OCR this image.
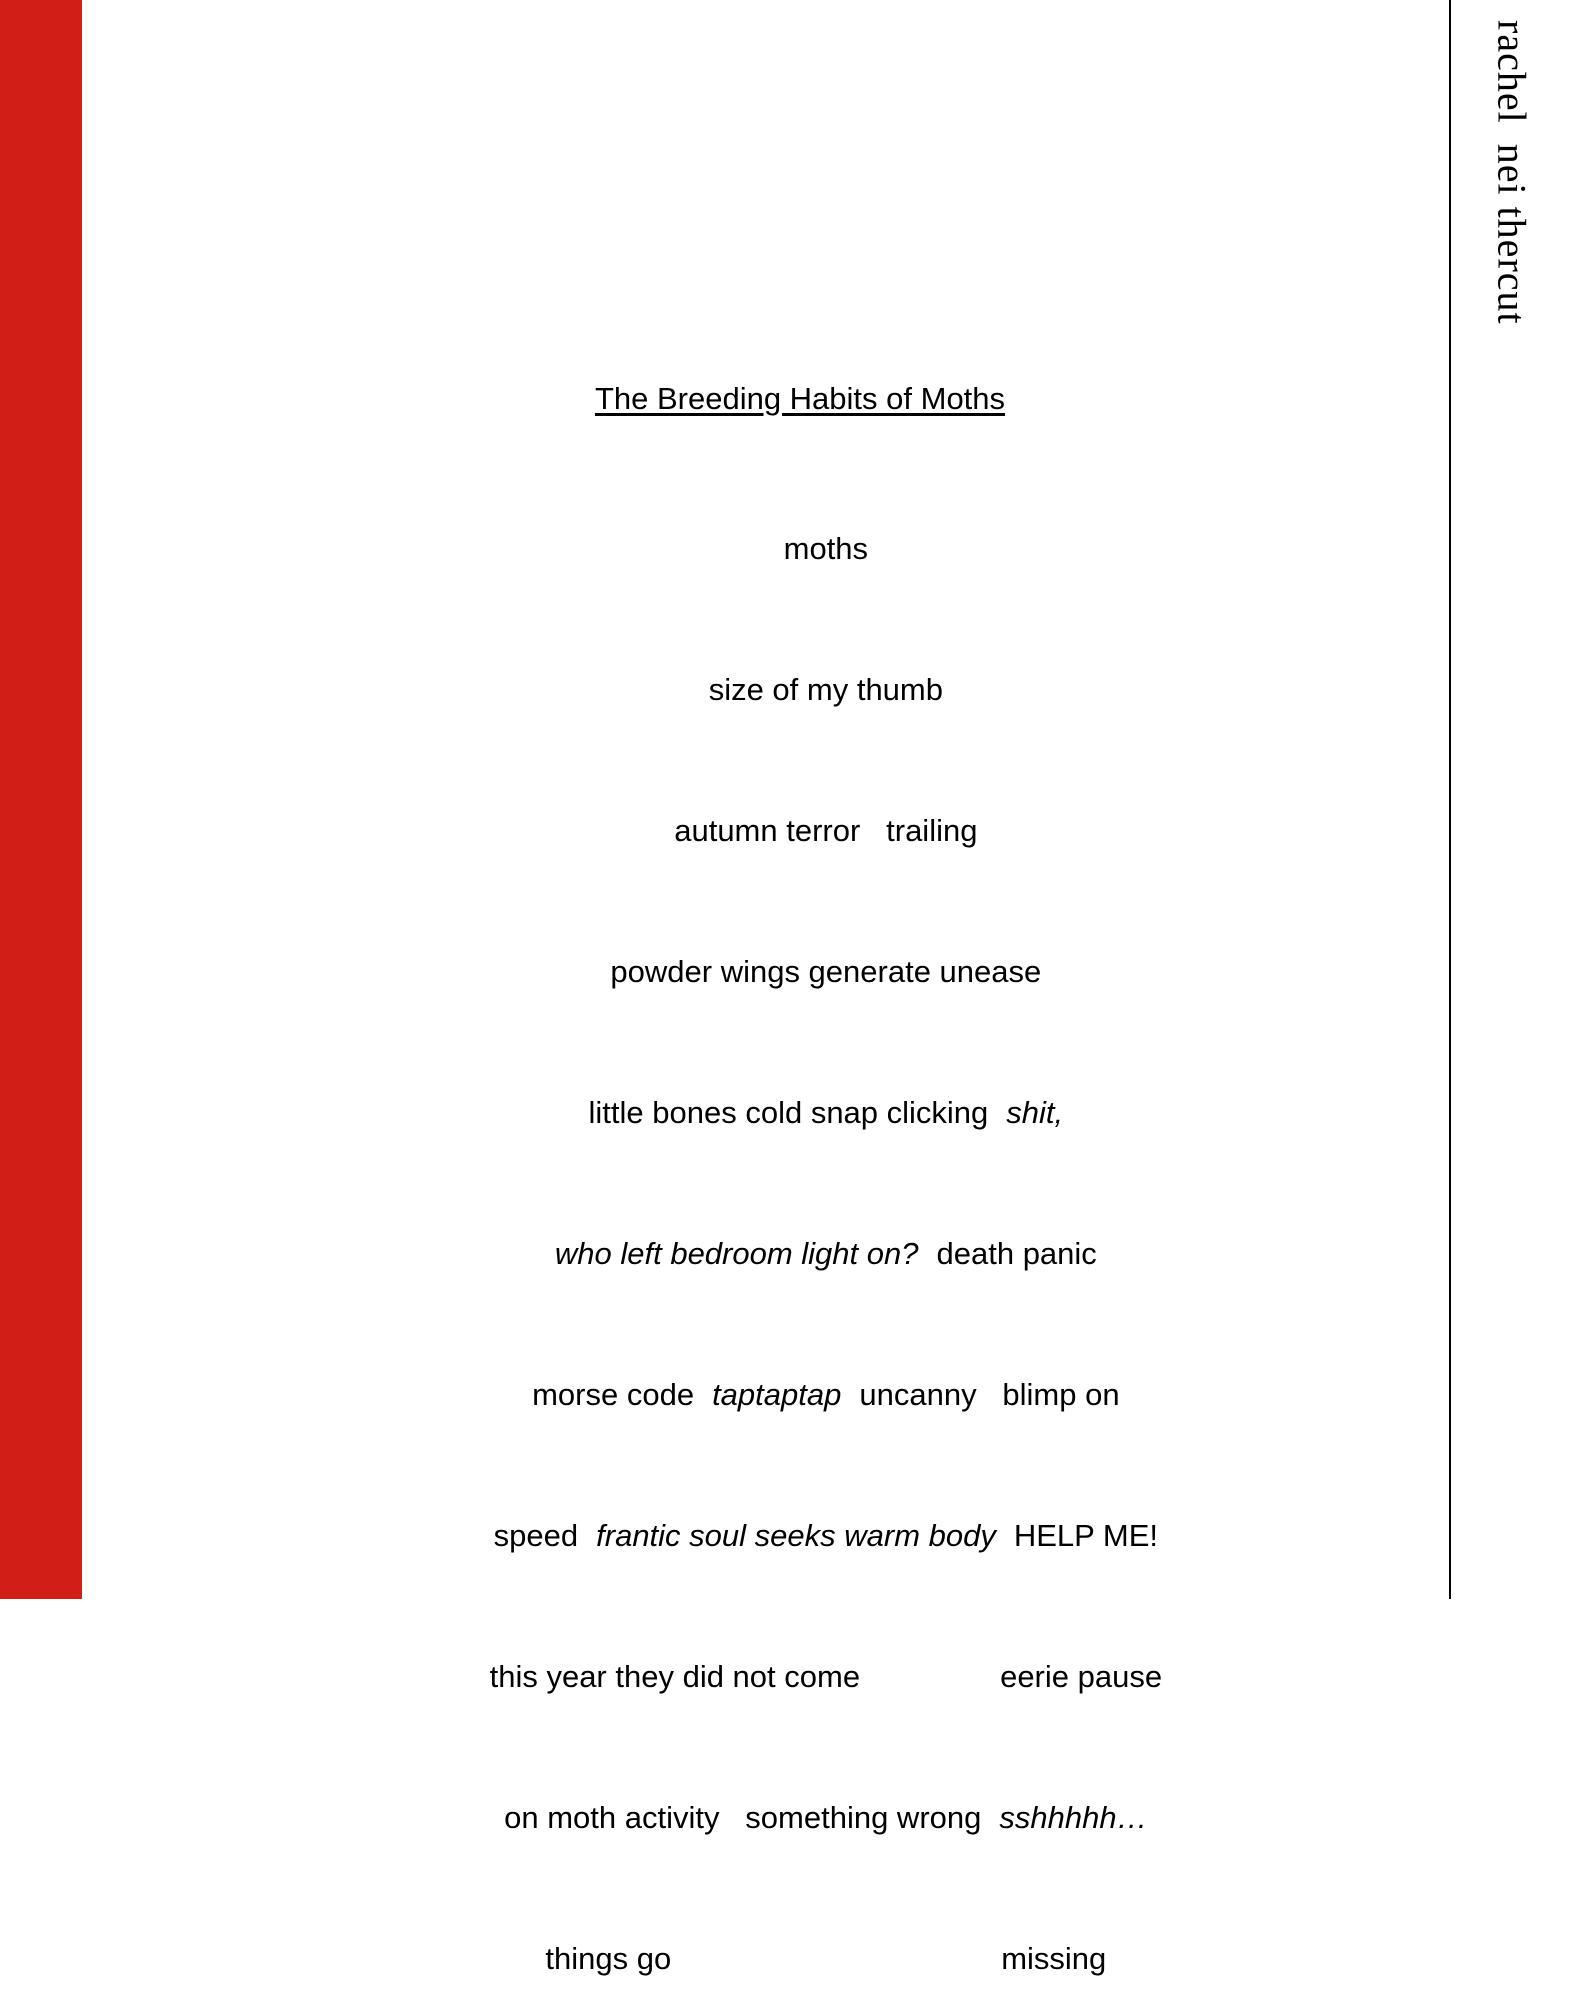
rachelnei thercut
The Breeding Habits of Moths

moths

size of my thumb

autumn terror   trailing

powder wings generate unease

little bones cold snap clicking shit,

who left bedroom light on? death panic

morse code taptaptap uncanny   blimp on

speed frantic soul seeks warm body HELP ME!

this year they did not come	eerie pause

on moth activity   something wrong sshhhhh…

things go	missing
